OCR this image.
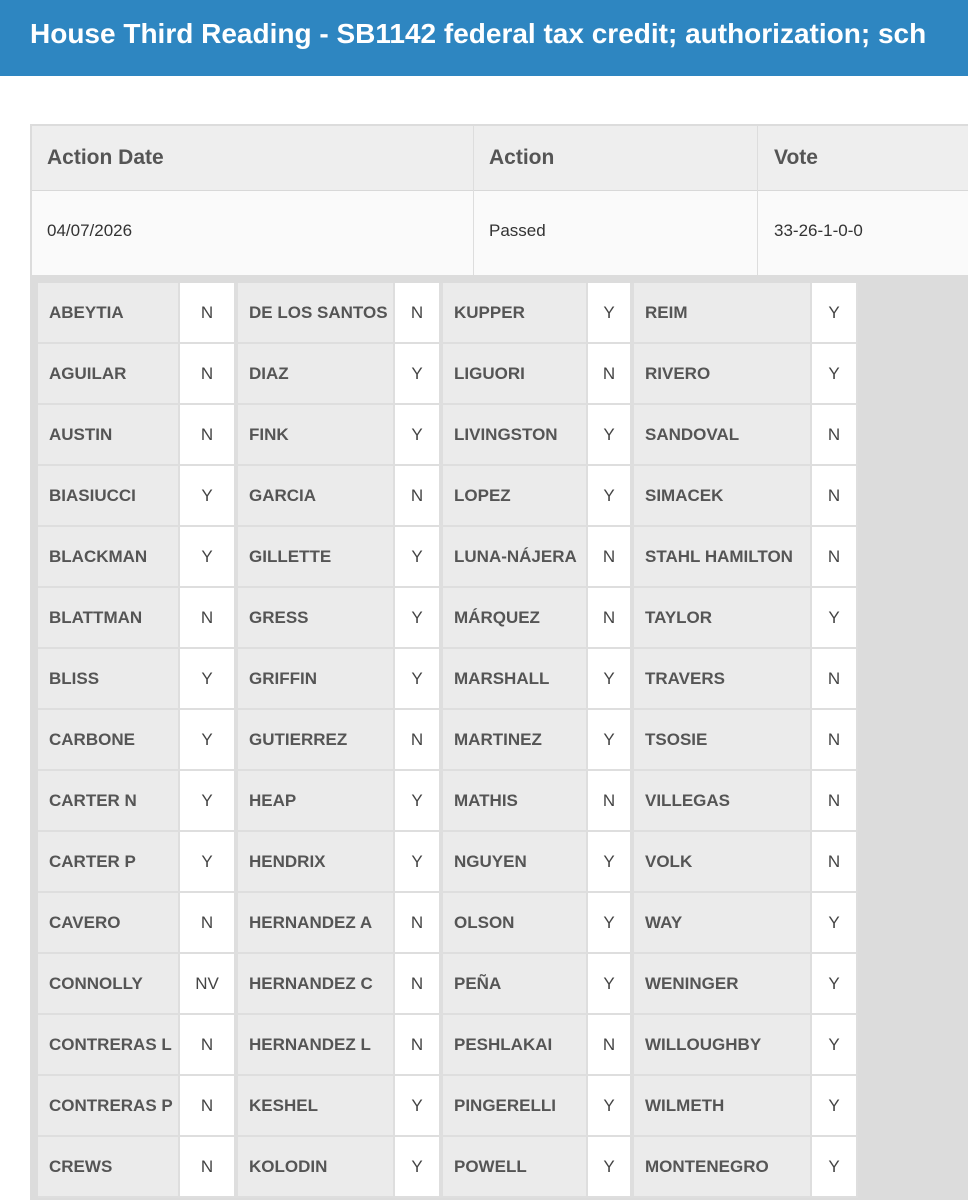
House Third Reading - SB1142 federal tax credit; authorization; sch
Action Date	Action	Vote
04/07/2026	Passed	33-26-1-0-0
ABEYTIA	N	DE LOS SANTOS	N	KUPPER	Y	REIM	Y
AGUILAR	N	DIAZ	Y	LIGUORI	N	RIVERO	Y
AUSTIN	N	FINK	Y	LIVINGSTON	Y	SANDOVAL	N
BIASIUCCI	Y	GARCIA	N	LOPEZ	Y	SIMACEK	N
BLACKMAN	Y	GILLETTE	Y	LUNA-NÁJERA	N	STAHL HAMILTON	N
BLATTMAN	N	GRESS	Y	MÁRQUEZ	N	TAYLOR	Y
BLISS	Y	GRIFFIN	Y	MARSHALL	Y	TRAVERS	N
CARBONE	Y	GUTIERREZ	N	MARTINEZ	Y	TSOSIE	N
CARTER N	Y	HEAP	Y	MATHIS	N	VILLEGAS	N
CARTER P	Y	HENDRIX	Y	NGUYEN	Y	VOLK	N
CAVERO	N	HERNANDEZ A	N	OLSON	Y	WAY	Y
CONNOLLY	NV	HERNANDEZ C	N	PEÑA	Y	WENINGER	Y
CONTRERAS L	N	HERNANDEZ L	N	PESHLAKAI	N	WILLOUGHBY	Y
CONTRERAS P	N	KESHEL	Y	PINGERELLI	Y	WILMETH	Y
CREWS	N	KOLODIN	Y	POWELL	Y	MONTENEGRO	Y
